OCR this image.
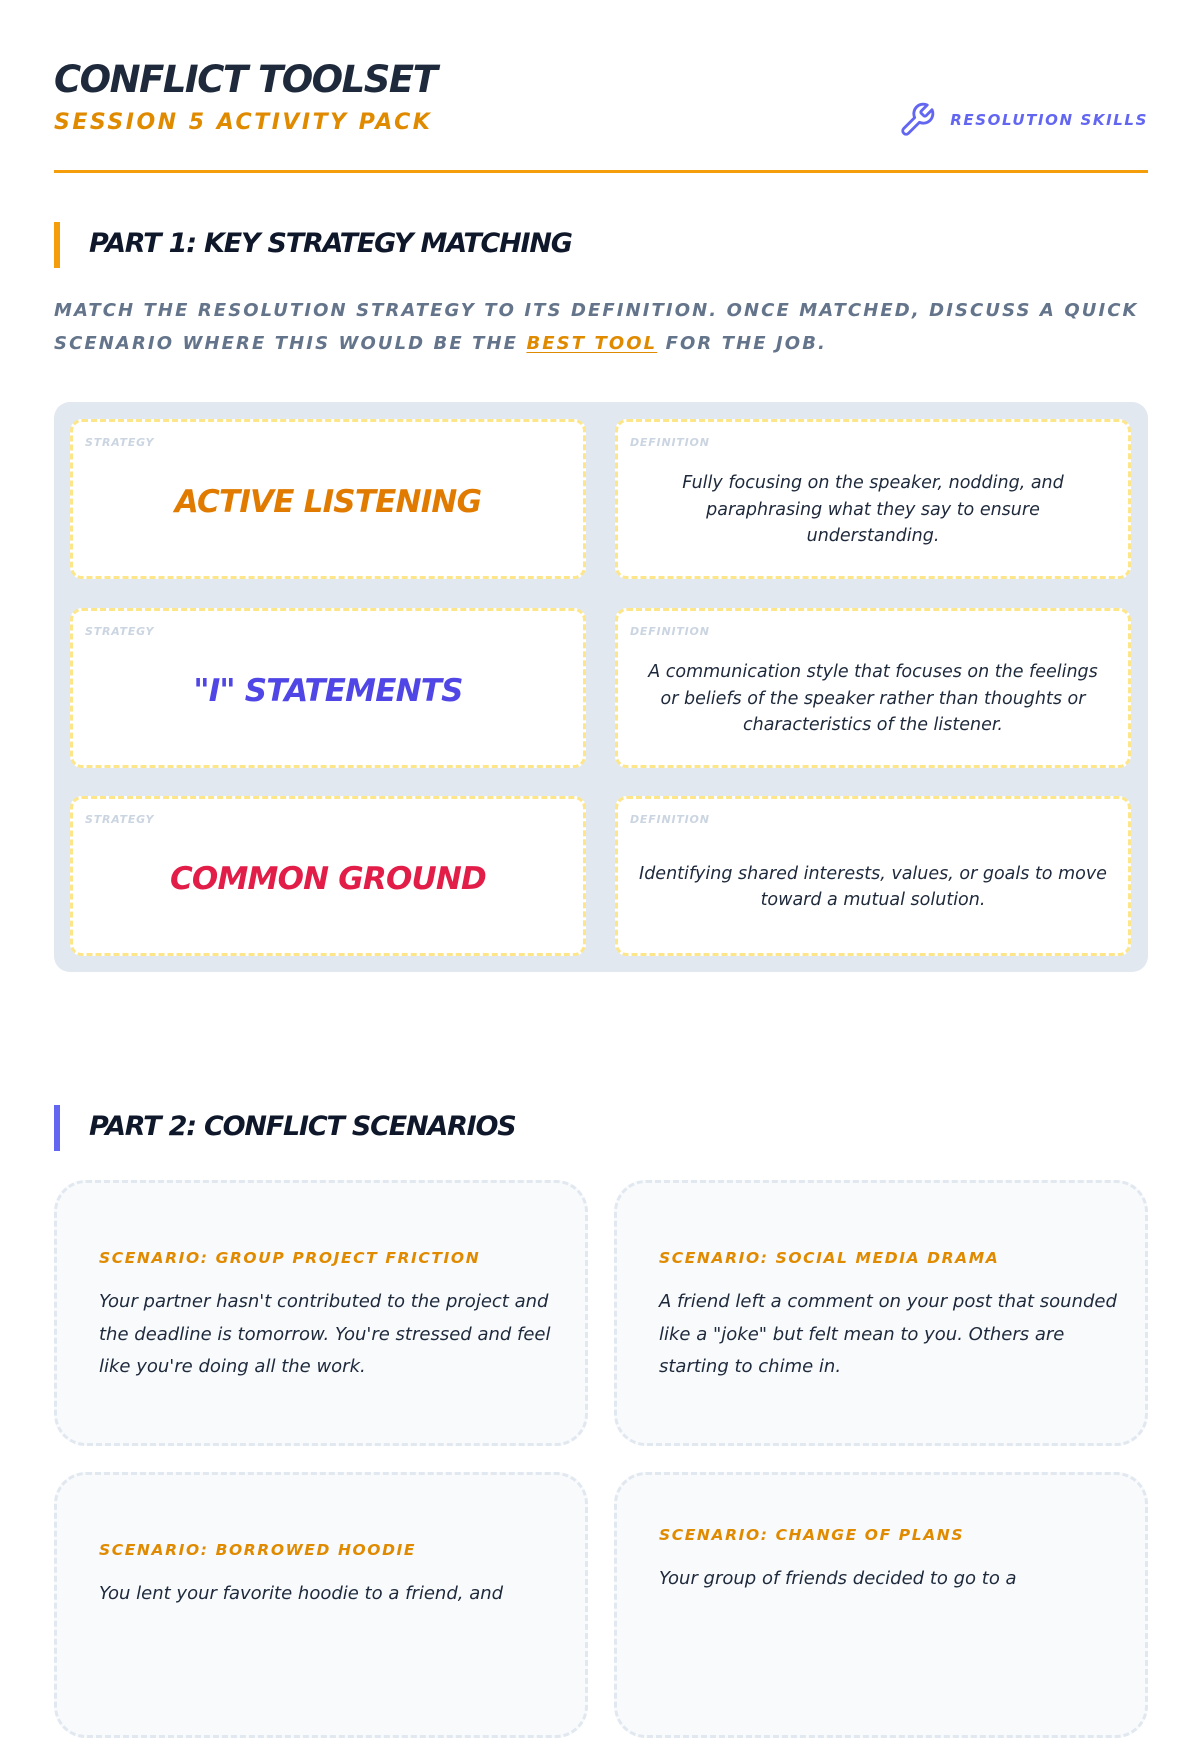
CONFLICT TOOLSET
SESSION 5 ACTIVITY PACK	RESOLUTION SKILLS
PART 1: KEY STRATEGY MATCHING
MATCH THE RESOLUTION STRATEGY TO ITS DEFINITION. ONCE MATCHED, DISCUSS A QUICK SCENARIO WHERE THIS WOULD BE THE BEST TOOL FOR THE JOB.
STRATEGY
ACTIVE LISTENING
DEFINITION
Fully focusing on the speaker, nodding, and paraphrasing what they say to ensure understanding.
STRATEGY
"I" STATEMENTS
DEFINITION
A communication style that focuses on the feelings or beliefs of the speaker rather than thoughts or characteristics of the listener.
STRATEGY
COMMON GROUND
DEFINITION
Identifying shared interests, values, or goals to move toward a mutual solution.
PART 2: CONFLICT SCENARIOS
SCENARIO: GROUP PROJECT FRICTION
Your partner hasn't contributed to the project and the deadline is tomorrow. You're stressed and feel like you're doing all the work.
SCENARIO: SOCIAL MEDIA DRAMA
A friend left a comment on your post that sounded like a "joke" but felt mean to you. Others are starting to chime in.
SCENARIO: BORROWED HOODIE
You lent your favorite hoodie to a friend, and
SCENARIO: CHANGE OF PLANS
Your group of friends decided to go to a
